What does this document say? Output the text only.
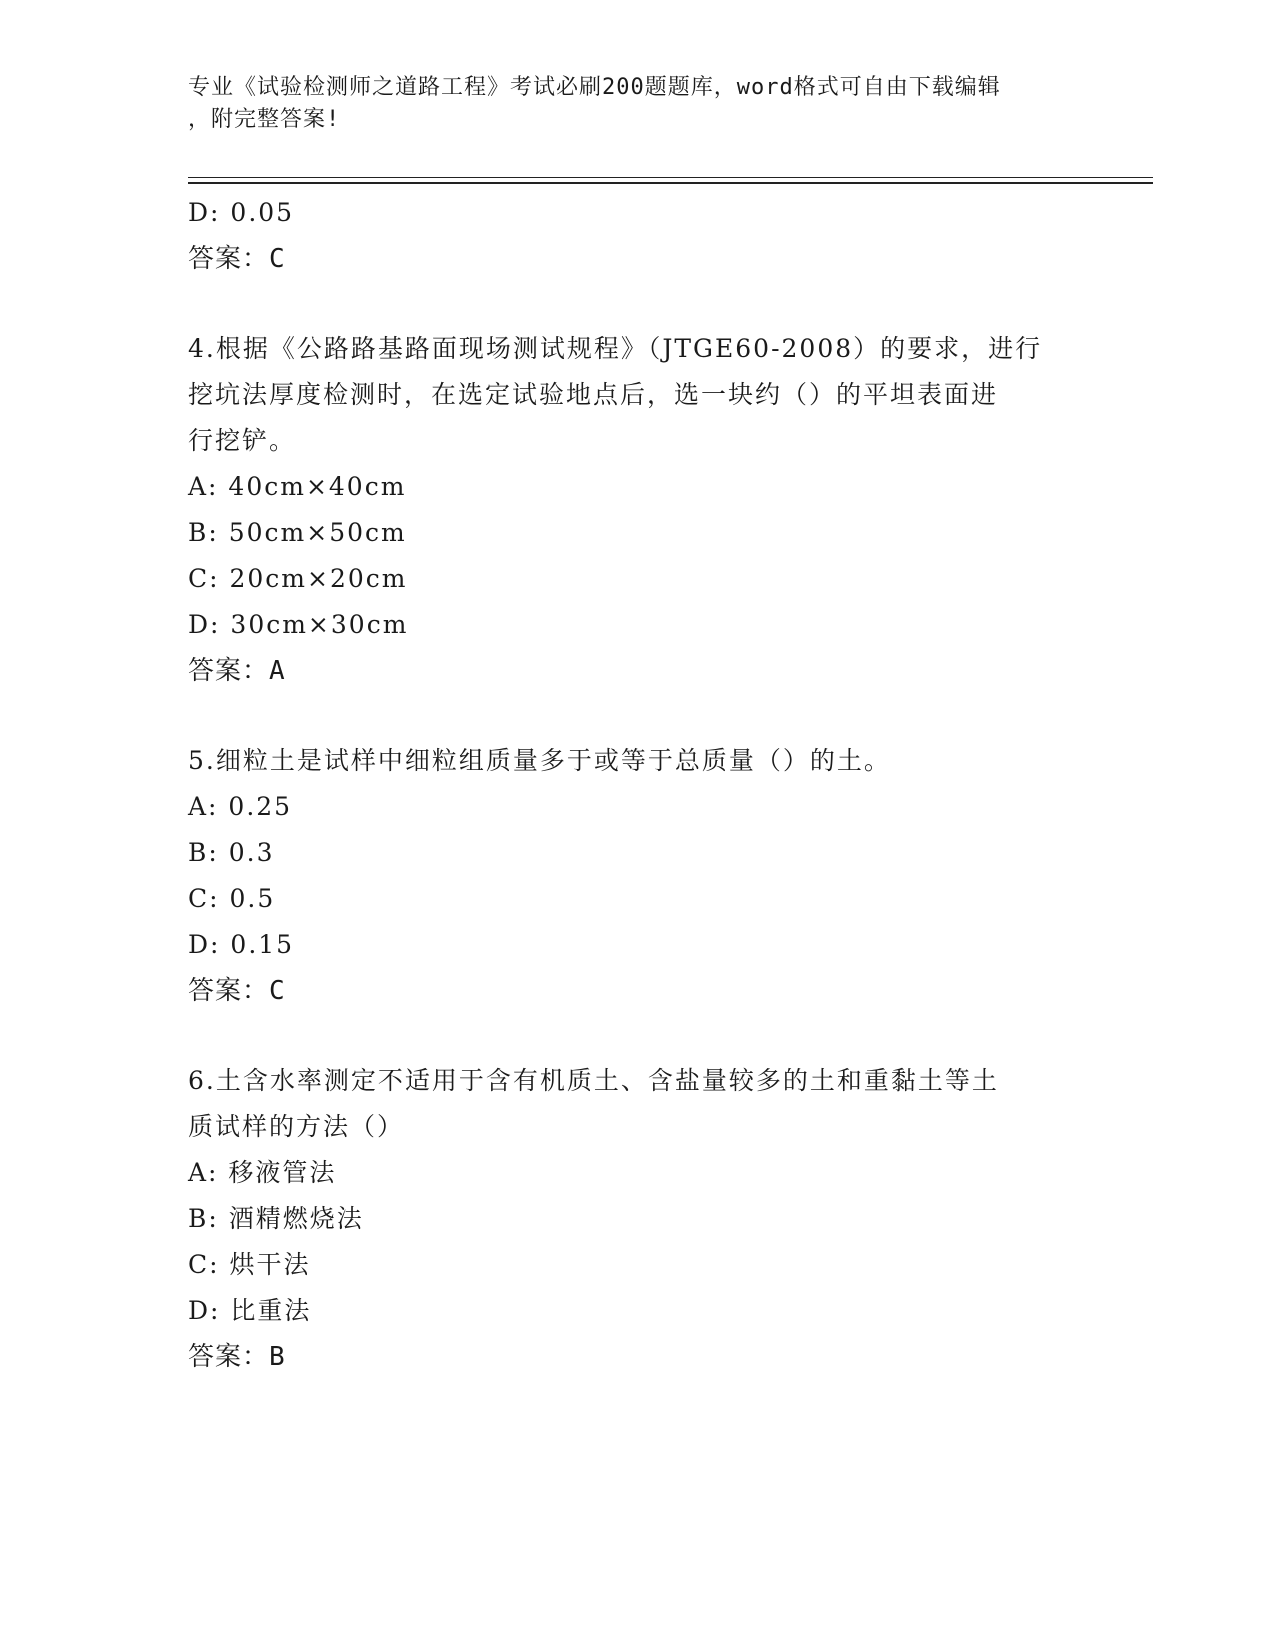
专业《试验检测师之道路工程》考试必刷200题题库，word格式可自由下载编辑
，附完整答案!
D: 0.05
答案：C
4.根据《公路路基路面现场测试规程》（JTGE60-2008）的要求，进行
挖坑法厚度检测时，在选定试验地点后，选一块约（）的平坦表面进
行挖铲。
A: 40cm×40cm
B: 50cm×50cm
C: 20cm×20cm
D: 30cm×30cm
答案：A
5.细粒土是试样中细粒组质量多于或等于总质量（）的土。
A: 0.25
B: 0.3
C: 0.5
D: 0.15
答案：C
6.土含水率测定不适用于含有机质土、含盐量较多的土和重黏土等土
质试样的方法（）
A: 移液管法
B: 酒精燃烧法
C: 烘干法
D: 比重法
答案：B
